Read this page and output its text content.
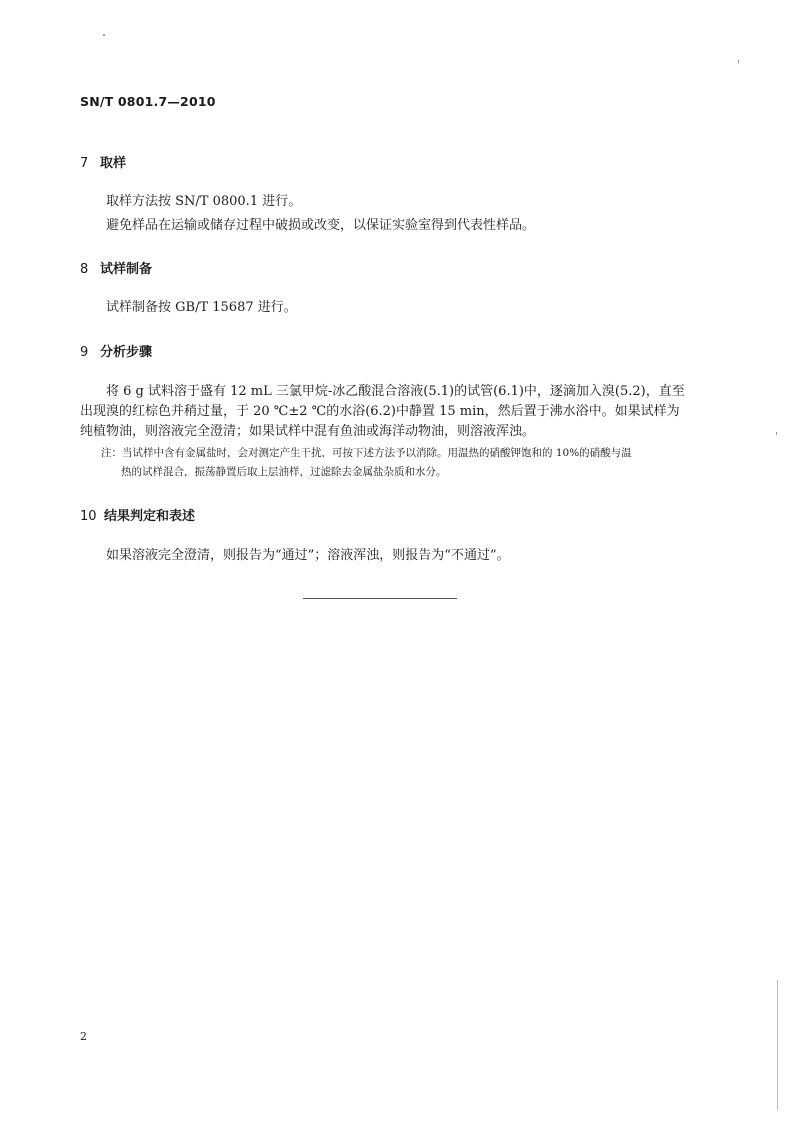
SN/T 0801.7—2010
7 取样
取样方法按 SN/T 0800.1 进行。
避免样品在运输或储存过程中破损或改变，以保证实验室得到代表性样品。
8 试样制备
试样制备按 GB/T 15687 进行。
9 分析步骤
将 6 g 试料溶于盛有 12 mL 三氯甲烷-冰乙酸混合溶液(5.1)的试管(6.1)中，逐滴加入溴(5.2)，直至出现溴的红棕色并稍过量，于 20 ℃±2 ℃的水浴(6.2)中静置 15 min，然后置于沸水浴中。如果试样为纯植物油，则溶液完全澄清；如果试样中混有鱼油或海洋动物油，则溶液浑浊。
注：当试样中含有金属盐时，会对测定产生干扰，可按下述方法予以消除。用温热的硝酸钾饱和的 10%的硝酸与温
热的试样混合，振荡静置后取上层油样，过滤除去金属盐杂质和水分。
10 结果判定和表述
如果溶液完全澄清，则报告为“通过”；溶液浑浊，则报告为“不通过”。
2
